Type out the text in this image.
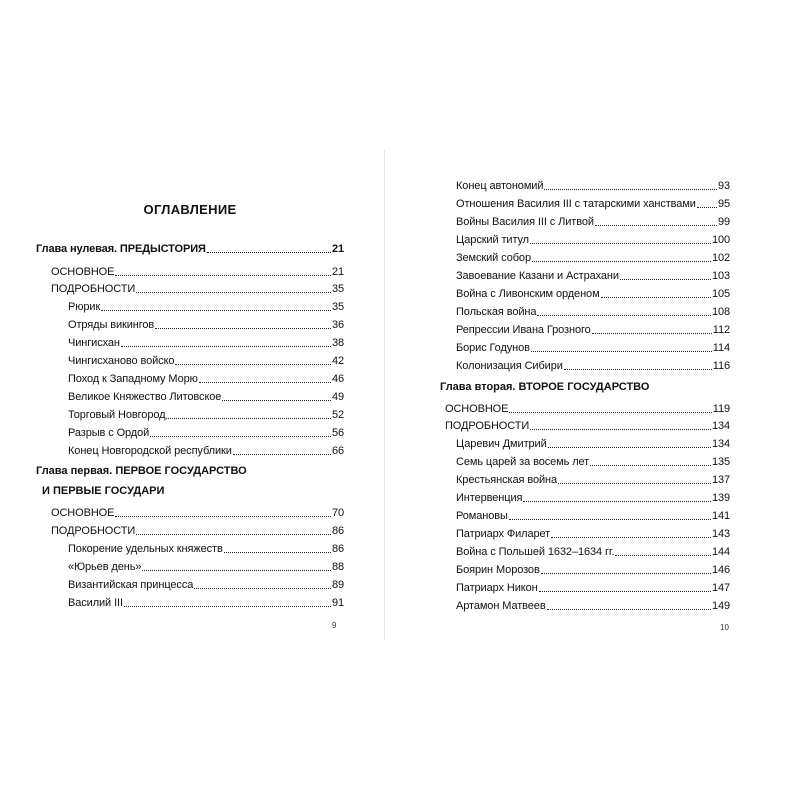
ОГЛАВЛЕНИЕ
Глава нулевая. ПРЕДЫСТОРИЯ	21
ОСНОВНОЕ	21
ПОДРОБНОСТИ	35
Рюрик	35
Отряды викингов	36
Чингисхан	38
Чингисханово войско	42
Поход к Западному Морю	46
Великое Княжество Литовское	49
Торговый Новгород	52
Разрыв с Ордой	56
Конец Новгородской республики	66
Глава первая. ПЕРВОЕ ГОСУДАРСТВО
И ПЕРВЫЕ ГОСУДАРИ
ОСНОВНОЕ	70
ПОДРОБНОСТИ	86
Покорение удельных княжеств	86
«Юрьев день»	88
Византийская принцесса	89
Василий III	91
9
Конец автономий	93
Отношения Василия III с татарскими ханствами 95
Войны Василия III с Литвой	99
Царский титул	100
Земский собор	102
Завоевание Казани и Астрахани	103
Война с Ливонским орденом	105
Польская война	108
Репрессии Ивана Грозного	112
Борис Годунов	114
Колонизация Сибири	116
Глава вторая. ВТОРОЕ ГОСУДАРСТВО
ОСНОВНОЕ	119
ПОДРОБНОСТИ	134
Царевич Дмитрий	134
Семь царей за восемь лет	135
Крестьянская война	137
Интервенция	139
Романовы	141
Патриарх Филарет	143
Война с Польшей 1632–1634 гг.	144
Боярин Морозов	146
Патриарх Никон	147
Артамон Матвеев	149
10
